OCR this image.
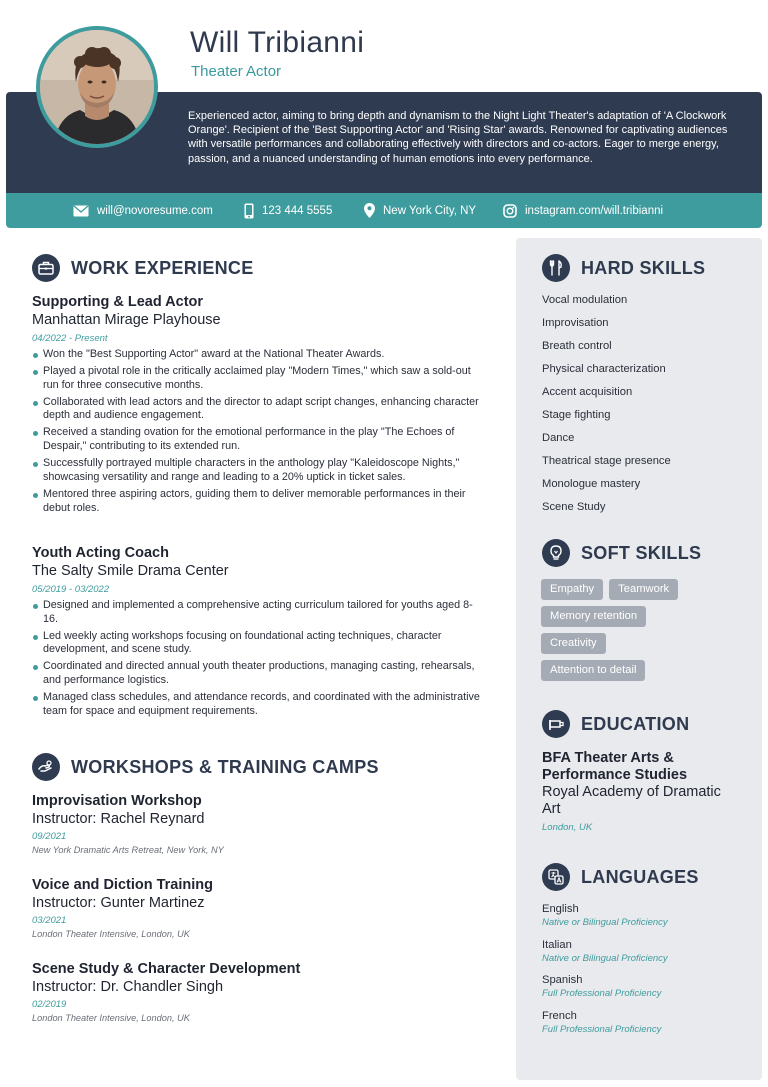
Experienced actor, aiming to bring depth and dynamism to the Night Light Theater's adaptation of 'A Clockwork Orange'. Recipient of the 'Best Supporting Actor' and 'Rising Star' awards. Renowned for captivating audiences with versatile performances and collaborating effectively with directors and co-actors. Eager to merge energy, passion, and a nuanced understanding of human emotions into every performance.
Will Tribianni
Theater Actor
will@novoresume.com	123 444 5555	New York City, NY	instagram.com/will.tribianni
WORK EXPERIENCE
Supporting & Lead Actor
Manhattan Mirage Playhouse
04/2022 - Present
Won the "Best Supporting Actor" award at the National Theater Awards.
Played a pivotal role in the critically acclaimed play "Modern Times," which saw a sold-out run for three consecutive months.
Collaborated with lead actors and the director to adapt script changes, enhancing character depth and audience engagement.
Received a standing ovation for the emotional performance in the play "The Echoes of Despair," contributing to its extended run.
Successfully portrayed multiple characters in the anthology play "Kaleidoscope Nights," showcasing versatility and range and leading to a 20% uptick in ticket sales.
Mentored three aspiring actors, guiding them to deliver memorable performances in their debut roles.
Youth Acting Coach
The Salty Smile Drama Center
05/2019 - 03/2022
Designed and implemented a comprehensive acting curriculum tailored for youths aged 8-16.
Led weekly acting workshops focusing on foundational acting techniques, character development, and scene study.
Coordinated and directed annual youth theater productions, managing casting, rehearsals, and performance logistics.
Managed class schedules, and attendance records, and coordinated with the administrative team for space and equipment requirements.
WORKSHOPS & TRAINING CAMPS
Improvisation Workshop
Instructor: Rachel Reynard
09/2021
New York Dramatic Arts Retreat, New York, NY
Voice and Diction Training
Instructor: Gunter Martinez
03/2021
London Theater Intensive, London, UK
Scene Study & Character Development
Instructor: Dr. Chandler Singh
02/2019
London Theater Intensive, London, UK
HARD SKILLS
Vocal modulation
Improvisation
Breath control
Physical characterization
Accent acquisition
Stage fighting
Dance
Theatrical stage presence
Monologue mastery
Scene Study
SOFT SKILLS
Empathy	Teamwork
Memory retention
Creativity
Attention to detail
EDUCATION
BFA Theater Arts & Performance Studies
Royal Academy of Dramatic Art
London, UK
LANGUAGES
English
Native or Bilingual Proficiency
Italian
Native or Bilingual Proficiency
Spanish
Full Professional Proficiency
French
Full Professional Proficiency
